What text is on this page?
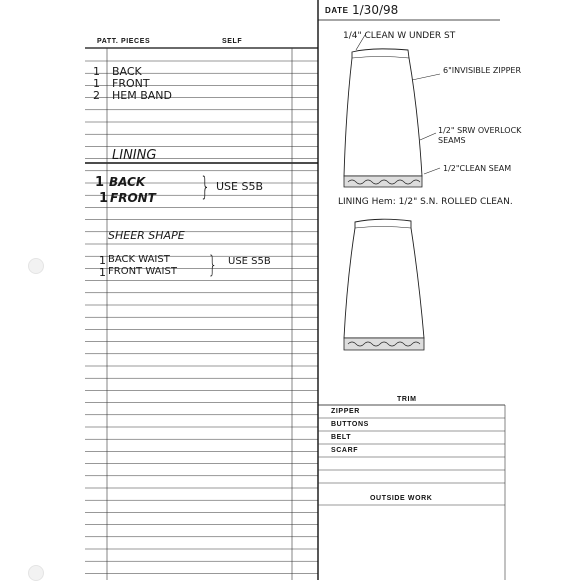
DATE 1/30/98
PATT. PIECES	SELF
1 BACK
1 FRONT
2 HEM BAND
LINING
1 BACK
1 FRONT } USE S5B
SHEER SHAPE
1 BACK WAIST
1 FRONT WAIST } USE S5B
1/4" CLEAN W UNDER ST
6"INVISIBLE ZIPPER
1/2" SRW OVERLOCK SEAMS
1/2"CLEAN SEAM
LINING Hem: 1/2" S.N. ROLLED CLEAN.
TRIM
ZIPPER
BUTTONS
BELT
SCARF
OUTSIDE WORK
